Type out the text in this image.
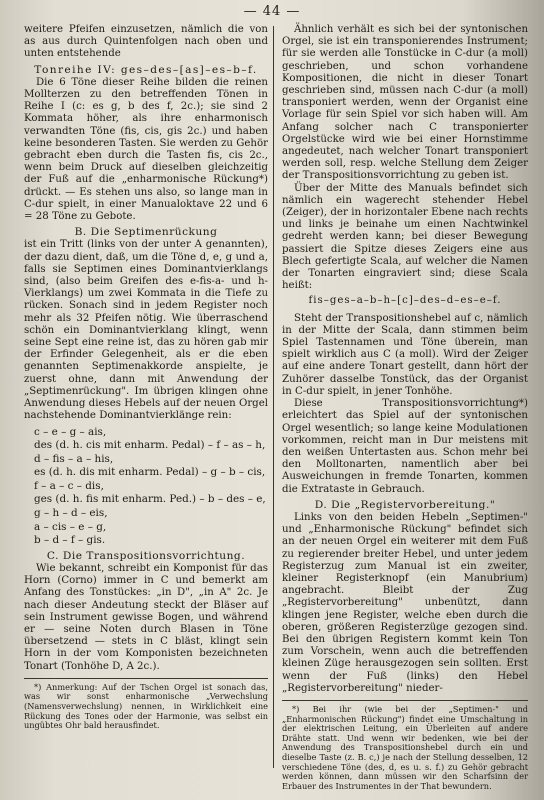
— 44 —

weitere Pfeifen einzusetzen, nämlich die von as aus durch Quintenfolgen nach oben und unten entstehende

Tonreihe IV: ges–des–[as]–es–b–f.

Die 6 Töne dieser Reihe bilden die reinen Mollterzen zu den betreffenden Tönen in Reihe I (c: es g, b des f, 2c.); sie sind 2 Kommata höher, als ihre enharmonisch verwandten Töne (fis, cis, gis 2c.) und haben keine besonderen Tasten. Sie werden zu Gehör gebracht eben durch die Tasten fis, cis 2c., wenn beim Druck auf dieselben gleichzeitig der Fuß auf die „enharmonische Rückung*) drückt. — Es stehen uns also, so lange man in C-dur spielt, in einer Manualoktave 22 und 6 = 28 Töne zu Gebote.

B. Die Septimenrückung

ist ein Tritt (links von der unter A genannten), der dazu dient, daß, um die Töne d, e, g und a, falls sie Septimen eines Dominantvierklangs sind, (also beim Greifen des e-fis-a- und h-Vierklangs) um zwei Kommata in die Tiefe zu rücken. Sonach sind in jedem Register noch mehr als 32 Pfeifen nötig. Wie überraschend schön ein Dominantvierklang klingt, wenn seine Sept eine reine ist, das zu hören gab mir der Erfinder Gelegenheit, als er die eben genannten Septimenakkorde anspielte, je zuerst ohne, dann mit Anwendung der „Septimenrückung". Im übrigen klingen ohne Anwendung dieses Hebels auf der neuen Orgel nachstehende Dominantvierklänge rein:

c – e – g – ais,
des (d. h. cis mit enharm. Pedal) – f – as – h,
d – fis – a – his,
es (d. h. dis mit enharm. Pedal) – g – b – cis,
f – a – c – dis,
ges (d. h. fis mit enharm. Ped.) – b – des – e,
g – h – d – eis,
a – cis – e – g,
b – d – f – gis.
C. Die Transpositionsvorrichtung.

Wie bekannt, schreibt ein Komponist für das Horn (Corno) immer in C und bemerkt am Anfang des Tonstückes: „in D", „in A" 2c. Je nach dieser Andeutung steckt der Bläser auf sein Instrument gewisse Bogen, und während er — seine Noten durch Blasen in Töne übersetzend — stets in C bläst, klingt sein Horn in der vom Komponisten bezeichneten Tonart (Tonhöhe D, A 2c.).

*) Anmerkung: Auf der Tschen Orgel ist sonach das, was wir sonst enharmonische „Verwechslung (Namensverwechslung) nennen, in Wirklichkeit eine Rückung des Tones oder der Harmonie, was selbst ein ungübtes Ohr bald herausfindet.

Ähnlich verhält es sich bei der syntonischen Orgel, sie ist ein transponierendes Instrument; für sie werden alle Tonstücke in C-dur (a moll) geschrieben, und schon vorhandene Kompositionen, die nicht in dieser Tonart geschrieben sind, müssen nach C-dur (a moll) transponiert werden, wenn der Organist eine Vorlage für sein Spiel vor sich haben will. Am Anfang solcher nach C transponierter Orgelstücke wird wie bei einer Hornstimme angedeutet, nach welcher Tonart transponiert werden soll, resp. welche Stellung dem Zeiger der Transpositionsvorrichtung zu geben ist.

Über der Mitte des Manuals befindet sich nämlich ein wagerecht stehender Hebel (Zeiger), der in horizontaler Ebene nach rechts und links je beinahe um einen Nachtwinkel gedreht werden kann; bei dieser Bewegung passiert die Spitze dieses Zeigers eine aus Blech gefertigte Scala, auf welcher die Namen der Tonarten eingraviert sind; diese Scala heißt:

fis–ges–a–b–h–[c]–des–d–es–e–f.

Steht der Transpositionshebel auf c, nämlich in der Mitte der Scala, dann stimmen beim Spiel Tastennamen und Töne überein, man spielt wirklich aus C (a moll). Wird der Zeiger auf eine andere Tonart gestellt, dann hört der Zuhörer dasselbe Tonstück, das der Organist in C-dur spielt, in jener Tonhöhe.

Diese Transpositionsvorrichtung*) erleichtert das Spiel auf der syntonischen Orgel wesentlich; so lange keine Modulationen vorkommen, reicht man in Dur meistens mit den weißen Untertasten aus. Schon mehr bei den Molltonarten, namentlich aber bei Ausweichungen in fremde Tonarten, kommen die Extrataste in Gebrauch.

D. Die „Registervorbereitung."

Links von den beiden Hebeln „Septimen-" und „Enharmonische Rückung" befindet sich an der neuen Orgel ein weiterer mit dem Fuß zu regierender breiter Hebel, und unter jedem Registerzug zum Manual ist ein zweiter, kleiner Registerknopf (ein Manubrium) angebracht. Bleibt der Zug „Registervorbereitung" unbenützt, dann klingen jene Register, welche eben durch die oberen, größeren Registerzüge gezogen sind. Bei den übrigen Registern kommt kein Ton zum Vorschein, wenn auch die betreffenden kleinen Züge herausgezogen sein sollten. Erst wenn der Fuß (links) den Hebel „Registervorbereitung" nieder-

*) Bei ihr (wie bei der „Septimen-" und „Enharmonischen Rückung") findet eine Umschaltung in der elektrischen Leitung, ein Überleiten auf andere Drähte statt. Und wenn wir bedenken, wie bei der Anwendung des Transpositionshebel durch ein und dieselbe Taste (z. B. c,) je nach der Stellung desselben, 12 verschiedene Töne (des, d, es u. s. f.) zu Gehör gebracht werden können, dann müssen wir den Scharfsinn der Erbauer des Instrumentes in der That bewundern.
